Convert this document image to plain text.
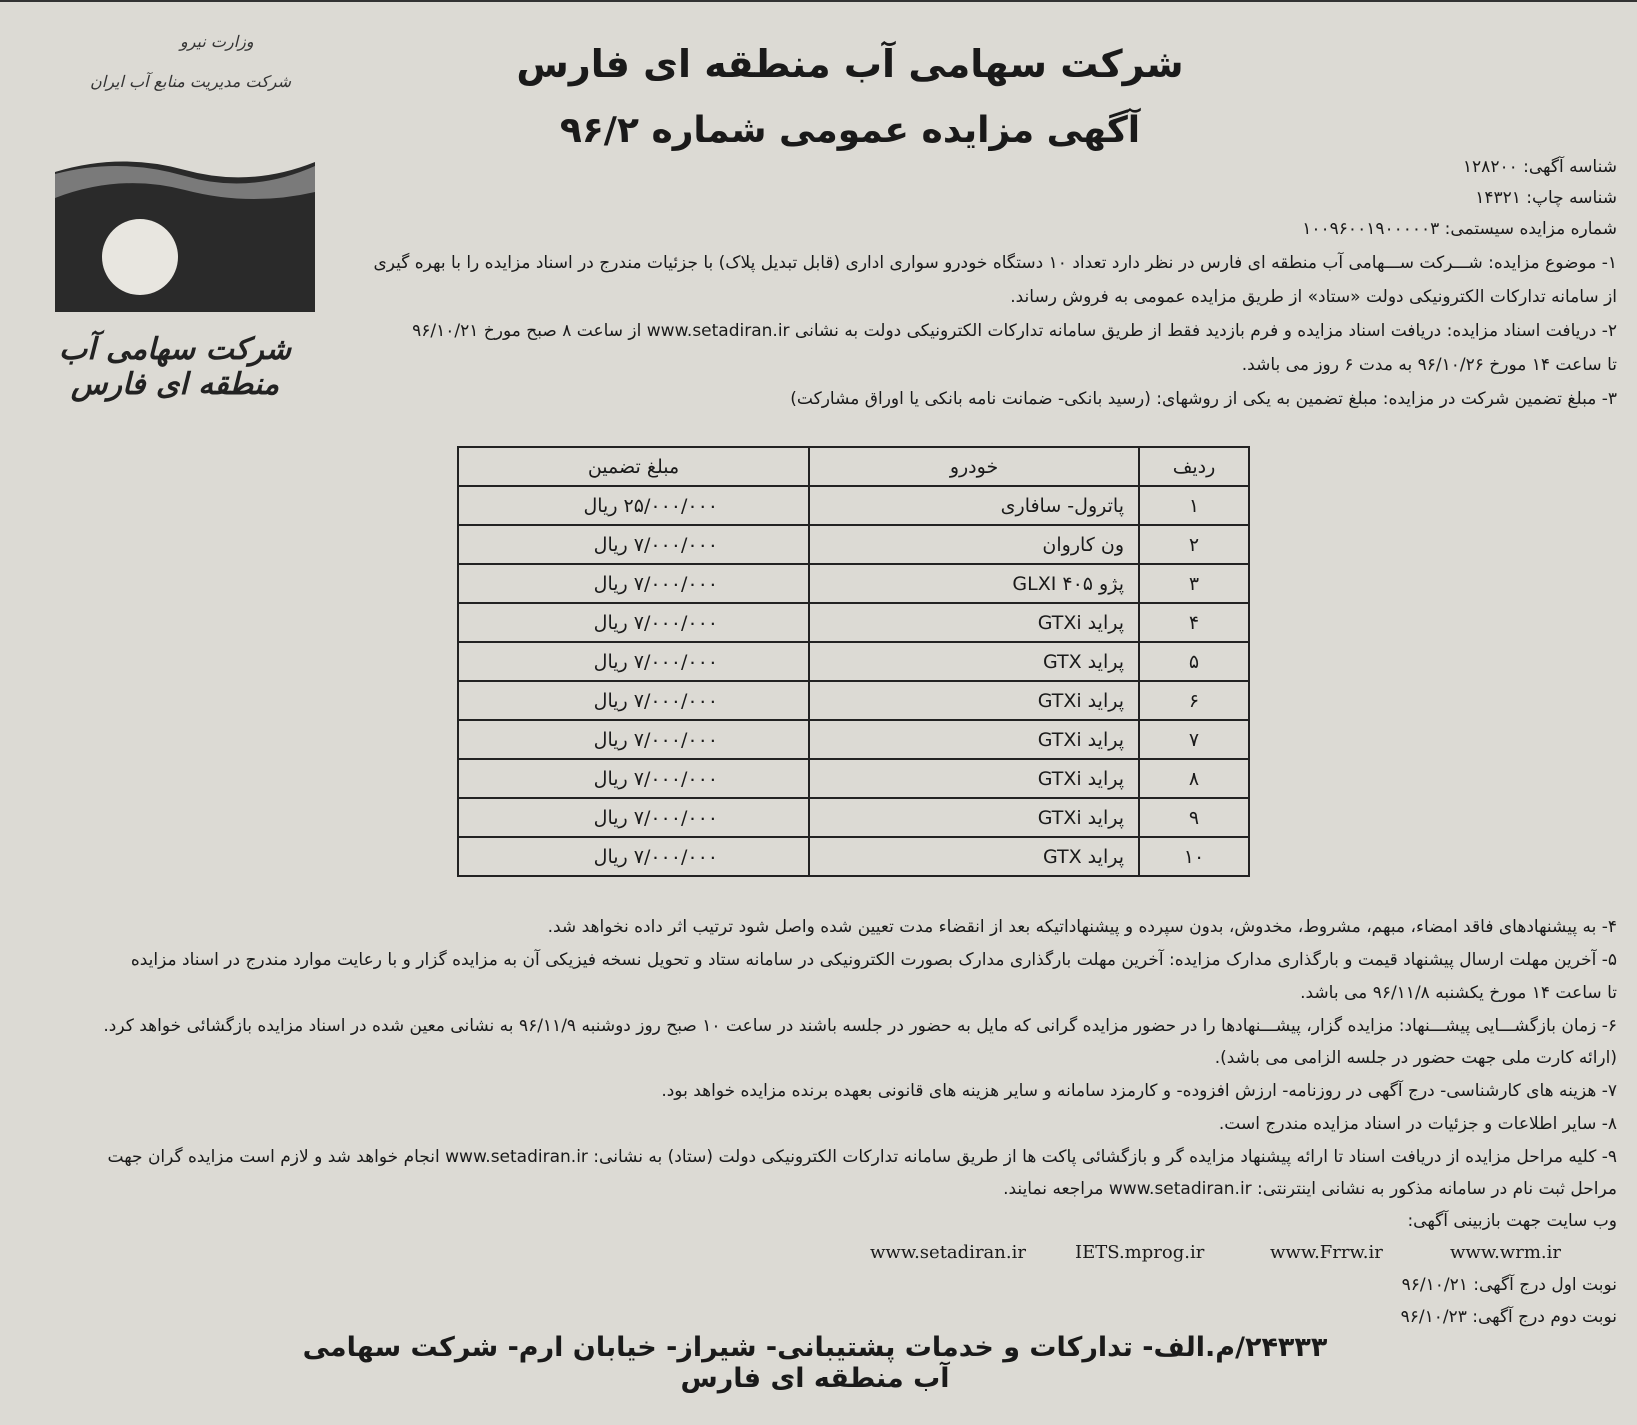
وزارت نیرو
شرکت مدیریت منابع آب ایران
شرکت سهامی آب منطقه ای فارس
شرکت سهامی آب منطقه ای فارس
آگهی مزایده عمومی شماره ۹۶/۲
شناسه آگهی: ۱۲۸۲۰۰
شناسه چاپ: ۱۴۳۲۱
شماره مزایده سیستمی: ۱۰۰۹۶۰۰۱۹۰۰۰۰۰۳
۱- موضوع مزایده: شـــرکت ســـهامی آب منطقه ای فارس در نظر دارد تعداد ۱۰ دستگاه خودرو سواری اداری (قابل تبدیل پلاک) با جزئیات مندرج در اسناد مزایده را با بهره گیری
از سامانه تدارکات الکترونیکی دولت «ستاد» از طریق مزایده عمومی به فروش رساند.
۲- دریافت اسناد مزایده: دریافت اسناد مزایده و فرم بازدید فقط از طریق سامانه تدارکات الکترونیکی دولت به نشانی www.setadiran.ir از ساعت ۸ صبح مورخ ۹۶/۱۰/۲۱
تا ساعت ۱۴ مورخ ۹۶/۱۰/۲۶ به مدت ۶ روز می باشد.
۳- مبلغ تضمین شرکت در مزایده: مبلغ تضمین به یکی از روشهای: (رسید بانکی- ضمانت نامه بانکی یا اوراق مشارکت)
ردیف	خودرو	مبلغ تضمین
۱	پاترول- سافاری	۲۵/۰۰۰/۰۰۰ ریال
۲	ون کاروان	۷/۰۰۰/۰۰۰ ریال
۳	پژو ۴۰۵ GLXI	۷/۰۰۰/۰۰۰ ریال
۴	پراید GTXi	۷/۰۰۰/۰۰۰ ریال
۵	پراید GTX	۷/۰۰۰/۰۰۰ ریال
۶	پراید GTXi	۷/۰۰۰/۰۰۰ ریال
۷	پراید GTXi	۷/۰۰۰/۰۰۰ ریال
۸	پراید GTXi	۷/۰۰۰/۰۰۰ ریال
۹	پراید GTXi	۷/۰۰۰/۰۰۰ ریال
۱۰	پراید GTX	۷/۰۰۰/۰۰۰ ریال
۴- به پیشنهادهای فاقد امضاء، مبهم، مشروط، مخدوش، بدون سپرده و پیشنهاداتیکه بعد از انقضاء مدت تعیین شده واصل شود ترتیب اثر داده نخواهد شد.
۵- آخرین مهلت ارسال پیشنهاد قیمت و بارگذاری مدارک مزایده: آخرین مهلت بارگذاری مدارک بصورت الکترونیکی در سامانه ستاد و تحویل نسخه فیزیکی آن به مزایده گزار و با رعایت موارد مندرج در اسناد مزایده
تا ساعت ۱۴ مورخ یکشنبه ۹۶/۱۱/۸ می باشد.
۶- زمان بازگشـــایی پیشـــنهاد: مزایده گزار، پیشـــنهادها را در حضور مزایده گرانی که مایل به حضور در جلسه باشند در ساعت ۱۰ صبح روز دوشنبه ۹۶/۱۱/۹ به نشانی معین شده در اسناد مزایده بازگشائی خواهد کرد.
(ارائه کارت ملی جهت حضور در جلسه الزامی می باشد).
۷- هزینه های کارشناسی- درج آگهی در روزنامه- ارزش افزوده- و کارمزد سامانه و سایر هزینه های قانونی بعهده برنده مزایده خواهد بود.
۸- سایر اطلاعات و جزئیات در اسناد مزایده مندرج است.
۹- کلیه مراحل مزایده از دریافت اسناد تا ارائه پیشنهاد مزایده گر و بازگشائی پاکت ها از طریق سامانه تدارکات الکترونیکی دولت (ستاد) به نشانی: www.setadiran.ir انجام خواهد شد و لازم است مزایده گران جهت
مراحل ثبت نام در سامانه مذکور به نشانی اینترنتی: www.setadiran.ir مراجعه نمایند.
وب سایت جهت بازبینی آگهی:
www.wrm.ir
www.Frrw.ir
IETS.mprog.ir
www.setadiran.ir
نوبت اول درج آگهی: ۹۶/۱۰/۲۱
نوبت دوم درج آگهی: ۹۶/۱۰/۲۳
۲۴۳۳۳/م.الف- تدارکات و خدمات پشتیبانی- شیراز- خیابان ارم- شرکت سهامی آب منطقه ای فارس
